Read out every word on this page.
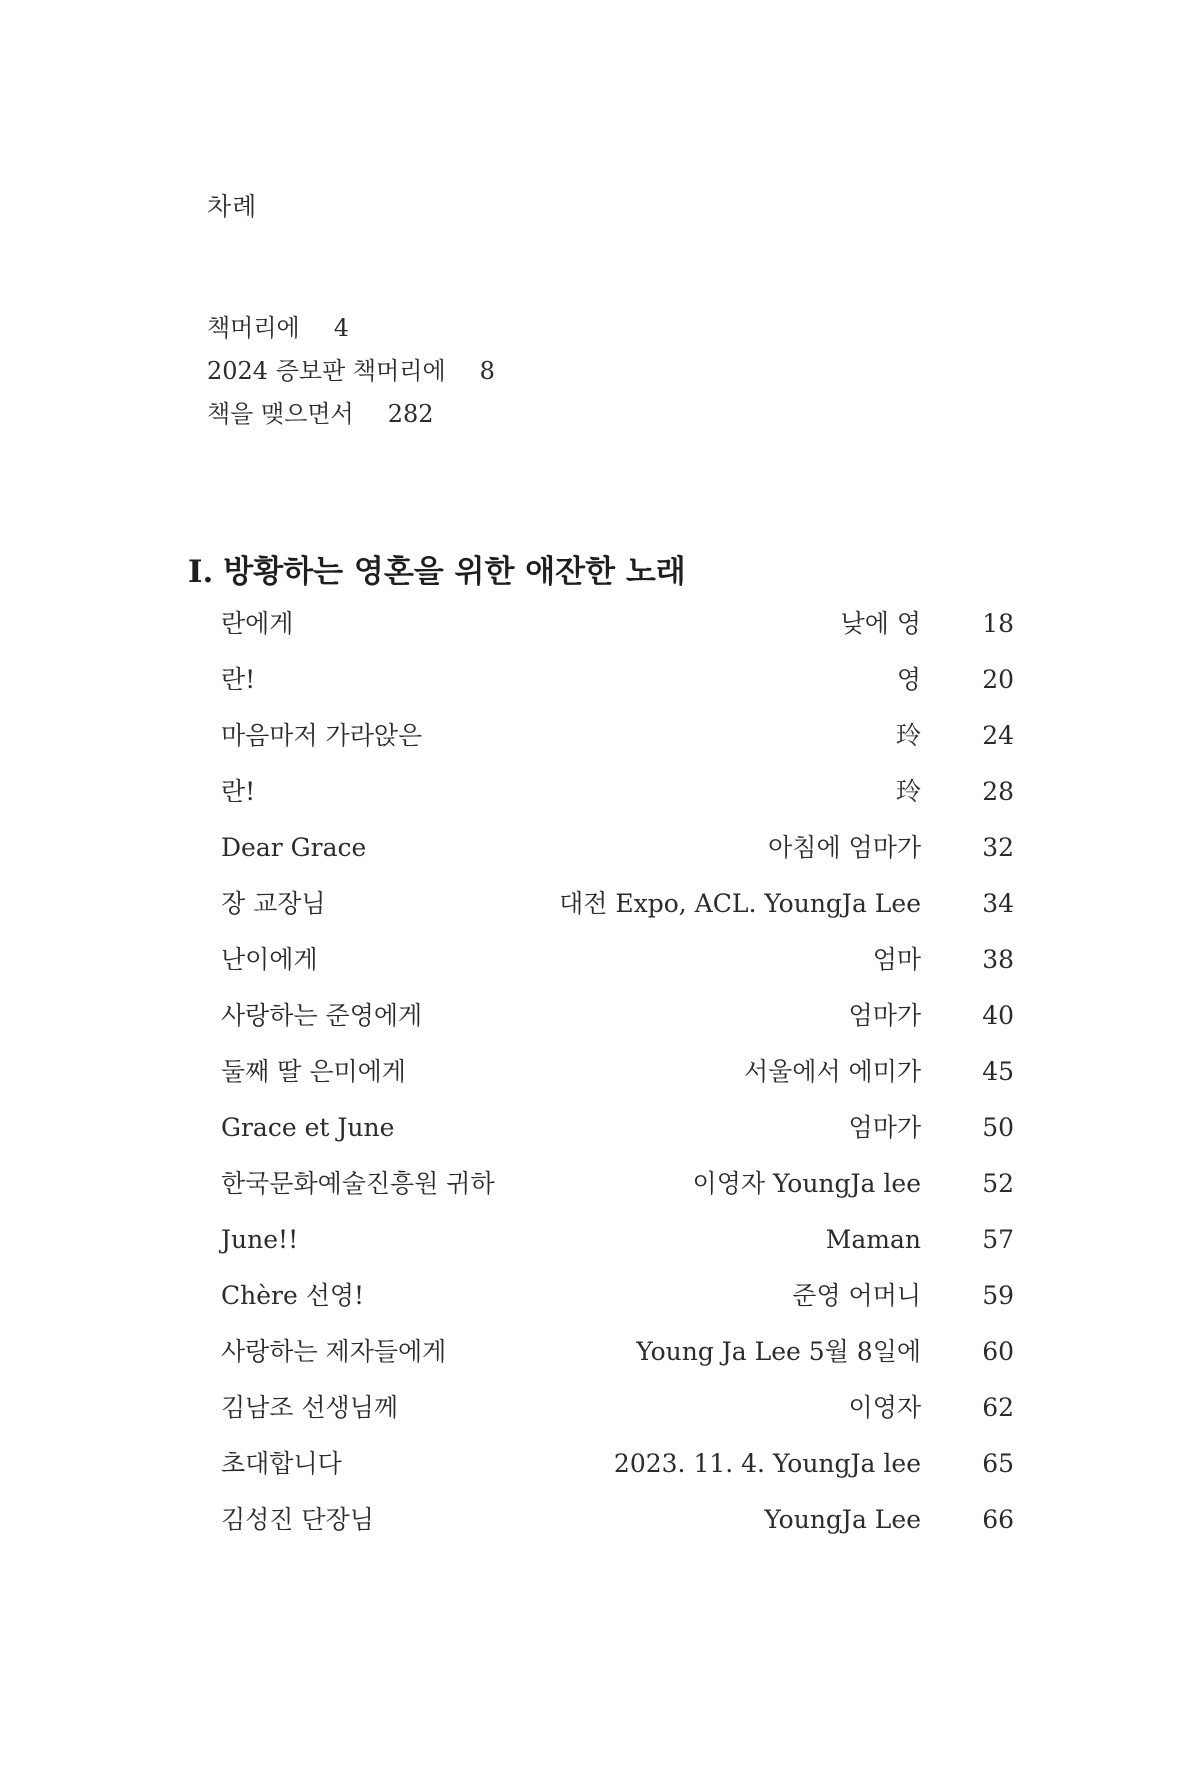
차례
책머리에 4
2024 증보판 책머리에 8
책을 맺으면서 282
Ⅰ. 방황하는 영혼을 위한 애잔한 노래
란에게	낮에 영 18
란!	영 20
마음마저 가라앉은	玲 24
란!	玲 28
Dear Grace	아침에 엄마가 32
장 교장님	대전 Expo, ACL. YoungJa Lee 34
난이에게	엄마 38
사랑하는 준영에게	엄마가 40
둘째 딸 은미에게	서울에서 에미가 45
Grace et June	엄마가 50
한국문화예술진흥원 귀하	이영자 YoungJa lee 52
June!!	Maman 57
Chère 선영!	준영 어머니 59
사랑하는 제자들에게	Young Ja Lee 5월 8일에 60
김남조 선생님께	이영자 62
초대합니다	2023. 11. 4. YoungJa lee 65
김성진 단장님	YoungJa Lee 66
